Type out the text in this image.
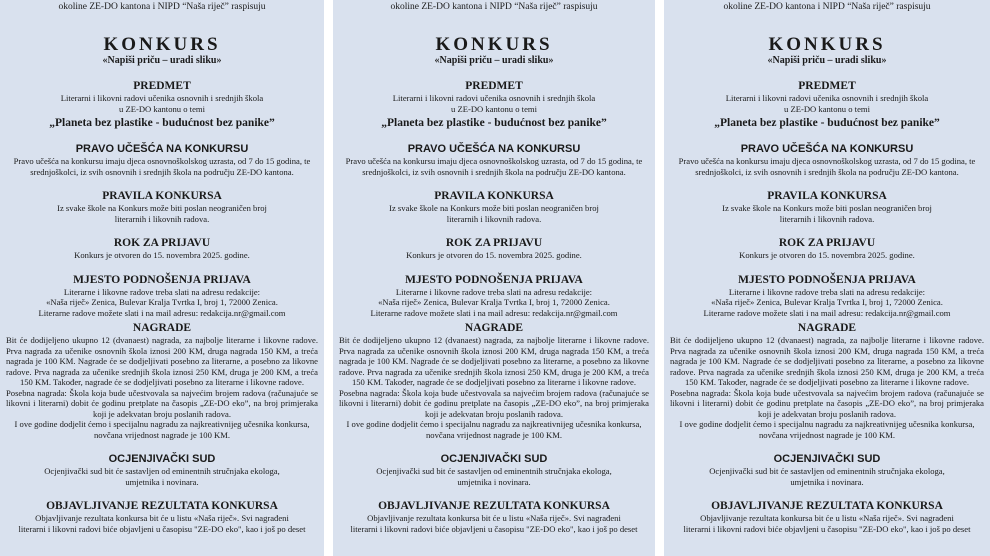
okoline ZE-DO kantona i NIPD “Naša riječ” raspisuju
KONKURS
«Napiši priču – uradi sliku»
PREDMET
Literarni i likovni radovi učenika osnovnih i srednjih škola
u ZE-DO kantonu o temi
„Planeta bez plastike - budućnost bez panike”
PRAVO UČEŠĆA NA KONKURSU
Pravo učešća na konkursu imaju djeca osnovnoškolskog uzrasta, od 7 do 15 godina, te srednjoškolci, iz svih osnovnih i srednjih škola na području ZE-DO kantona.
PRAVILA KONKURSA
Iz svake škole na Konkurs može biti poslan neograničen broj
literarnih i likovnih radova.
ROK ZA PRIJAVU
Konkurs je otvoren do 15. novembra 2025. godine.
MJESTO PODNOŠENJA PRIJAVA
Literarne i likovne radove treba slati na adresu redakcije:
«Naša riječ» Zenica, Bulevar Kralja Tvrtka I, broj 1, 72000 Zenica.
Literarne radove možete slati i na mail adresu: redakcija.nr@gmail.com
NAGRADE
Bit će dodijeljeno ukupno 12 (dvanaest) nagrada, za najbolje literarne i likovne radove. Prva nagrada za učenike osnovnih škola iznosi 200 KM, druga nagrada 150 KM, a treća nagrada je 100 KM. Nagrade će se dodjeljivati posebno za literarne, a posebno za likovne radove. Prva nagrada za učenike srednjih škola iznosi 250 KM, druga je 200 KM, a treća 150 KM. Također, nagrade će se dodjeljivati posebno za literarne i likovne radove.
Posebna nagrada: Škola koja bude učestvovala sa najvećim brojem radova (računajuće se likovni i literarni) dobit će godinu pretplate na časopis „ZE-DO eko”, na broj primjeraka koji je adekvatan broju poslanih radova.
I ove godine dodjelit ćemo i specijalnu nagradu za najkreativnijeg učesnika konkursa, novčana vrijednost nagrade je 100 KM.
OCJENJIVAČKI SUD
Ocjenjivački sud bit će sastavljen od eminentnih stručnjaka ekologa,
umjetnika i novinara.
OBJAVLJIVANJE REZULTATA KONKURSA
Objavljivanje rezultata konkursa bit će u listu «Naša riječ». Svi nagrađeni
literarni i likovni radovi biće objavljeni u časopisu "ZE-DO eko", kao i još po deset
okoline ZE-DO kantona i NIPD “Naša riječ” raspisuju
KONKURS
«Napiši priču – uradi sliku»
PREDMET
Literarni i likovni radovi učenika osnovnih i srednjih škola
u ZE-DO kantonu o temi
„Planeta bez plastike - budućnost bez panike”
PRAVO UČEŠĆA NA KONKURSU
Pravo učešća na konkursu imaju djeca osnovnoškolskog uzrasta, od 7 do 15 godina, te srednjoškolci, iz svih osnovnih i srednjih škola na području ZE-DO kantona.
PRAVILA KONKURSA
Iz svake škole na Konkurs može biti poslan neograničen broj
literarnih i likovnih radova.
ROK ZA PRIJAVU
Konkurs je otvoren do 15. novembra 2025. godine.
MJESTO PODNOŠENJA PRIJAVA
Literarne i likovne radove treba slati na adresu redakcije:
«Naša riječ» Zenica, Bulevar Kralja Tvrtka I, broj 1, 72000 Zenica.
Literarne radove možete slati i na mail adresu: redakcija.nr@gmail.com
NAGRADE
Bit će dodijeljeno ukupno 12 (dvanaest) nagrada, za najbolje literarne i likovne radove. Prva nagrada za učenike osnovnih škola iznosi 200 KM, druga nagrada 150 KM, a treća nagrada je 100 KM. Nagrade će se dodjeljivati posebno za literarne, a posebno za likovne radove. Prva nagrada za učenike srednjih škola iznosi 250 KM, druga je 200 KM, a treća 150 KM. Također, nagrade će se dodjeljivati posebno za literarne i likovne radove.
Posebna nagrada: Škola koja bude učestvovala sa najvećim brojem radova (računajuće se likovni i literarni) dobit će godinu pretplate na časopis „ZE-DO eko”, na broj primjeraka koji je adekvatan broju poslanih radova.
I ove godine dodjelit ćemo i specijalnu nagradu za najkreativnijeg učesnika konkursa, novčana vrijednost nagrade je 100 KM.
OCJENJIVAČKI SUD
Ocjenjivački sud bit će sastavljen od eminentnih stručnjaka ekologa,
umjetnika i novinara.
OBJAVLJIVANJE REZULTATA KONKURSA
Objavljivanje rezultata konkursa bit će u listu «Naša riječ». Svi nagrađeni
literarni i likovni radovi biće objavljeni u časopisu "ZE-DO eko", kao i još po deset
okoline ZE-DO kantona i NIPD “Naša riječ” raspisuju
KONKURS
«Napiši priču – uradi sliku»
PREDMET
Literarni i likovni radovi učenika osnovnih i srednjih škola
u ZE-DO kantonu o temi
„Planeta bez plastike - budućnost bez panike”
PRAVO UČEŠĆA NA KONKURSU
Pravo učešća na konkursu imaju djeca osnovnoškolskog uzrasta, od 7 do 15 godina, te srednjoškolci, iz svih osnovnih i srednjih škola na području ZE-DO kantona.
PRAVILA KONKURSA
Iz svake škole na Konkurs može biti poslan neograničen broj
literarnih i likovnih radova.
ROK ZA PRIJAVU
Konkurs je otvoren do 15. novembra 2025. godine.
MJESTO PODNOŠENJA PRIJAVA
Literarne i likovne radove treba slati na adresu redakcije:
«Naša riječ» Zenica, Bulevar Kralja Tvrtka I, broj 1, 72000 Zenica.
Literarne radove možete slati i na mail adresu: redakcija.nr@gmail.com
NAGRADE
Bit će dodijeljeno ukupno 12 (dvanaest) nagrada, za najbolje literarne i likovne radove. Prva nagrada za učenike osnovnih škola iznosi 200 KM, druga nagrada 150 KM, a treća nagrada je 100 KM. Nagrade će se dodjeljivati posebno za literarne, a posebno za likovne radove. Prva nagrada za učenike srednjih škola iznosi 250 KM, druga je 200 KM, a treća 150 KM. Također, nagrade će se dodjeljivati posebno za literarne i likovne radove.
Posebna nagrada: Škola koja bude učestvovala sa najvećim brojem radova (računajuće se likovni i literarni) dobit će godinu pretplate na časopis „ZE-DO eko”, na broj primjeraka koji je adekvatan broju poslanih radova.
I ove godine dodjelit ćemo i specijalnu nagradu za najkreativnijeg učesnika konkursa, novčana vrijednost nagrade je 100 KM.
OCJENJIVAČKI SUD
Ocjenjivački sud bit će sastavljen od eminentnih stručnjaka ekologa,
umjetnika i novinara.
OBJAVLJIVANJE REZULTATA KONKURSA
Objavljivanje rezultata konkursa bit će u listu «Naša riječ». Svi nagrađeni
literarni i likovni radovi biće objavljeni u časopisu "ZE-DO eko", kao i još po deset
